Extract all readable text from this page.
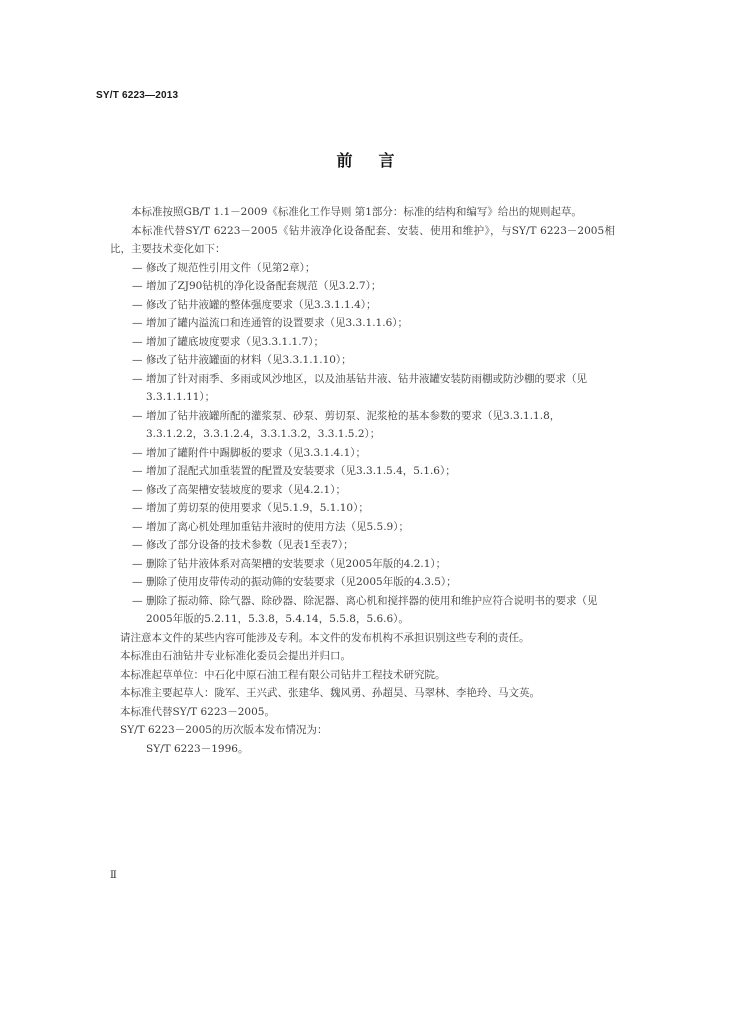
SY/T 6223—2013
前言

本标准按照GB/T 1.1－2009《标准化工作导则 第1部分：标准的结构和编写》给出的规则起草。

本标准代替SY/T 6223－2005《钻井液净化设备配套、安装、使用和维护》，与SY/T 6223－2005相比，主要技术变化如下：

— 修改了规范性引用文件（见第2章）；

— 增加了ZJ90钻机的净化设备配套规范（见3.2.7）；

— 修改了钻井液罐的整体强度要求（见3.3.1.1.4）；

— 增加了罐内溢流口和连通管的设置要求（见3.3.1.1.6）；

— 增加了罐底坡度要求（见3.3.1.1.7）；

— 修改了钻井液罐面的材料（见3.3.1.1.10）；

— 增加了针对雨季、多雨或风沙地区，以及油基钻井液、钻井液罐安装防雨棚或防沙棚的要求（见3.3.1.1.11）；

— 增加了钻井液罐所配的灌浆泵、砂泵、剪切泵、泥浆枪的基本参数的要求（见3.3.1.1.8，3.3.1.2.2，3.3.1.2.4，3.3.1.3.2，3.3.1.5.2）；

— 增加了罐附件中踢脚板的要求（见3.3.1.4.1）；

— 增加了混配式加重装置的配置及安装要求（见3.3.1.5.4，5.1.6）；

— 修改了高架槽安装坡度的要求（见4.2.1）；

— 增加了剪切泵的使用要求（见5.1.9，5.1.10）；

— 增加了离心机处理加重钻井液时的使用方法（见5.5.9）；

— 修改了部分设备的技术参数（见表1至表7）；

— 删除了钻井液体系对高架槽的安装要求（见2005年版的4.2.1）；

— 删除了使用皮带传动的振动筛的安装要求（见2005年版的4.3.5）；

— 删除了振动筛、除气器、除砂器、除泥器、离心机和搅拌器的使用和维护应符合说明书的要求（见2005年版的5.2.11，5.3.8，5.4.14，5.5.8，5.6.6）。

请注意本文件的某些内容可能涉及专利。本文件的发布机构不承担识别这些专利的责任。

本标准由石油钻井专业标准化委员会提出并归口。

本标准起草单位：中石化中原石油工程有限公司钻井工程技术研究院。

本标准主要起草人：陇军、王兴武、张建华、魏风勇、孙超昊、马翠林、李艳玲、马文英。

本标准代替SY/T 6223－2005。

SY/T 6223－2005的历次版本发布情况为：

SY/T 6223－1996。

Ⅱ
